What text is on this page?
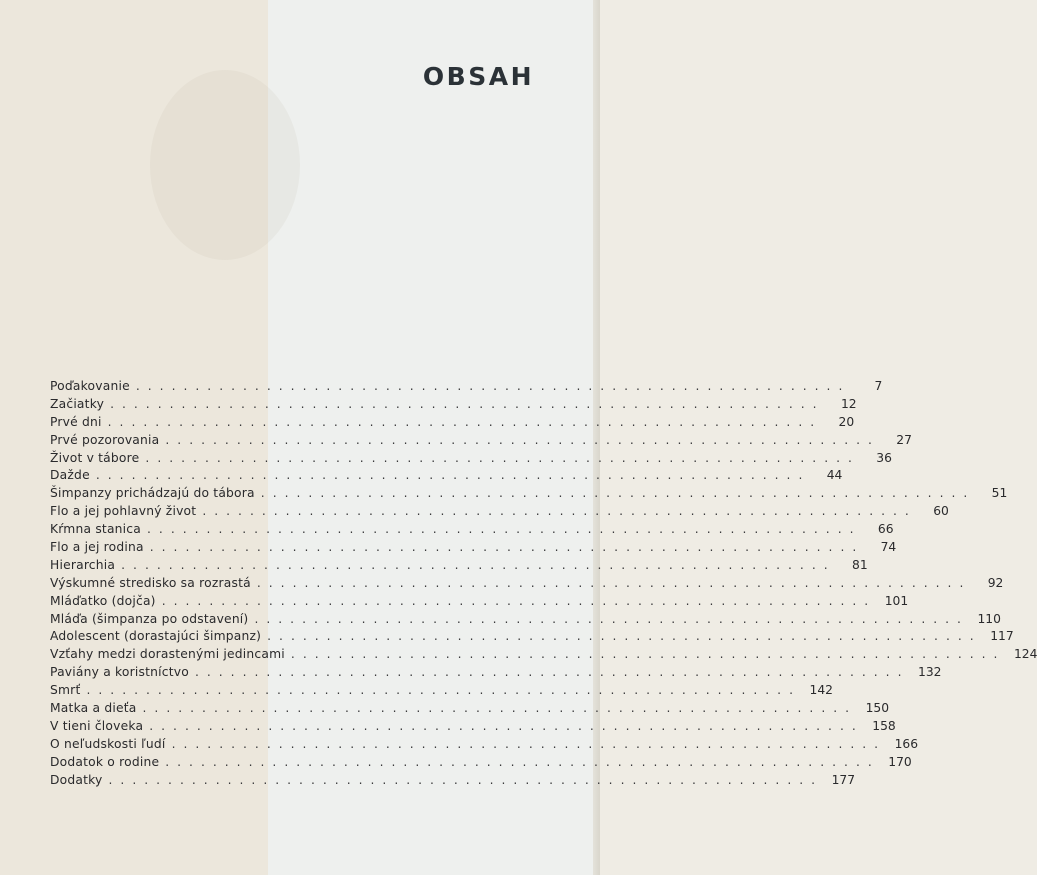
OBSAH
Poďakovanie ............................................................	7
Začiatky ............................................................	12
Prvé dni ............................................................	20
Prvé pozorovania ............................................................	27
Život v tábore ............................................................	36
Dažde ............................................................	44
Šimpanzy prichádzajú do tábora ............................................................	51
Flo a jej pohlavný život ............................................................	60
Kŕmna stanica ............................................................	66
Flo a jej rodina ............................................................	74
Hierarchia ............................................................	81
Výskumné stredisko sa rozrastá ............................................................	92
Mláďatko (dojča) ............................................................ 101
Mláďa (šimpanza po odstavení) ............................................................ 110
Adolescent (dorastajúci šimpanz) ............................................................ 117
Vzťahy medzi dorastenými jedincami ............................................................ 124
Paviány a koristníctvo ............................................................ 132
Smrť ............................................................ 142
Matka a dieťa ............................................................ 150
V tieni človeka ............................................................ 158
O neľudskosti ľudí ............................................................ 166
Dodatok o rodine ............................................................ 170
Dodatky ............................................................ 177
